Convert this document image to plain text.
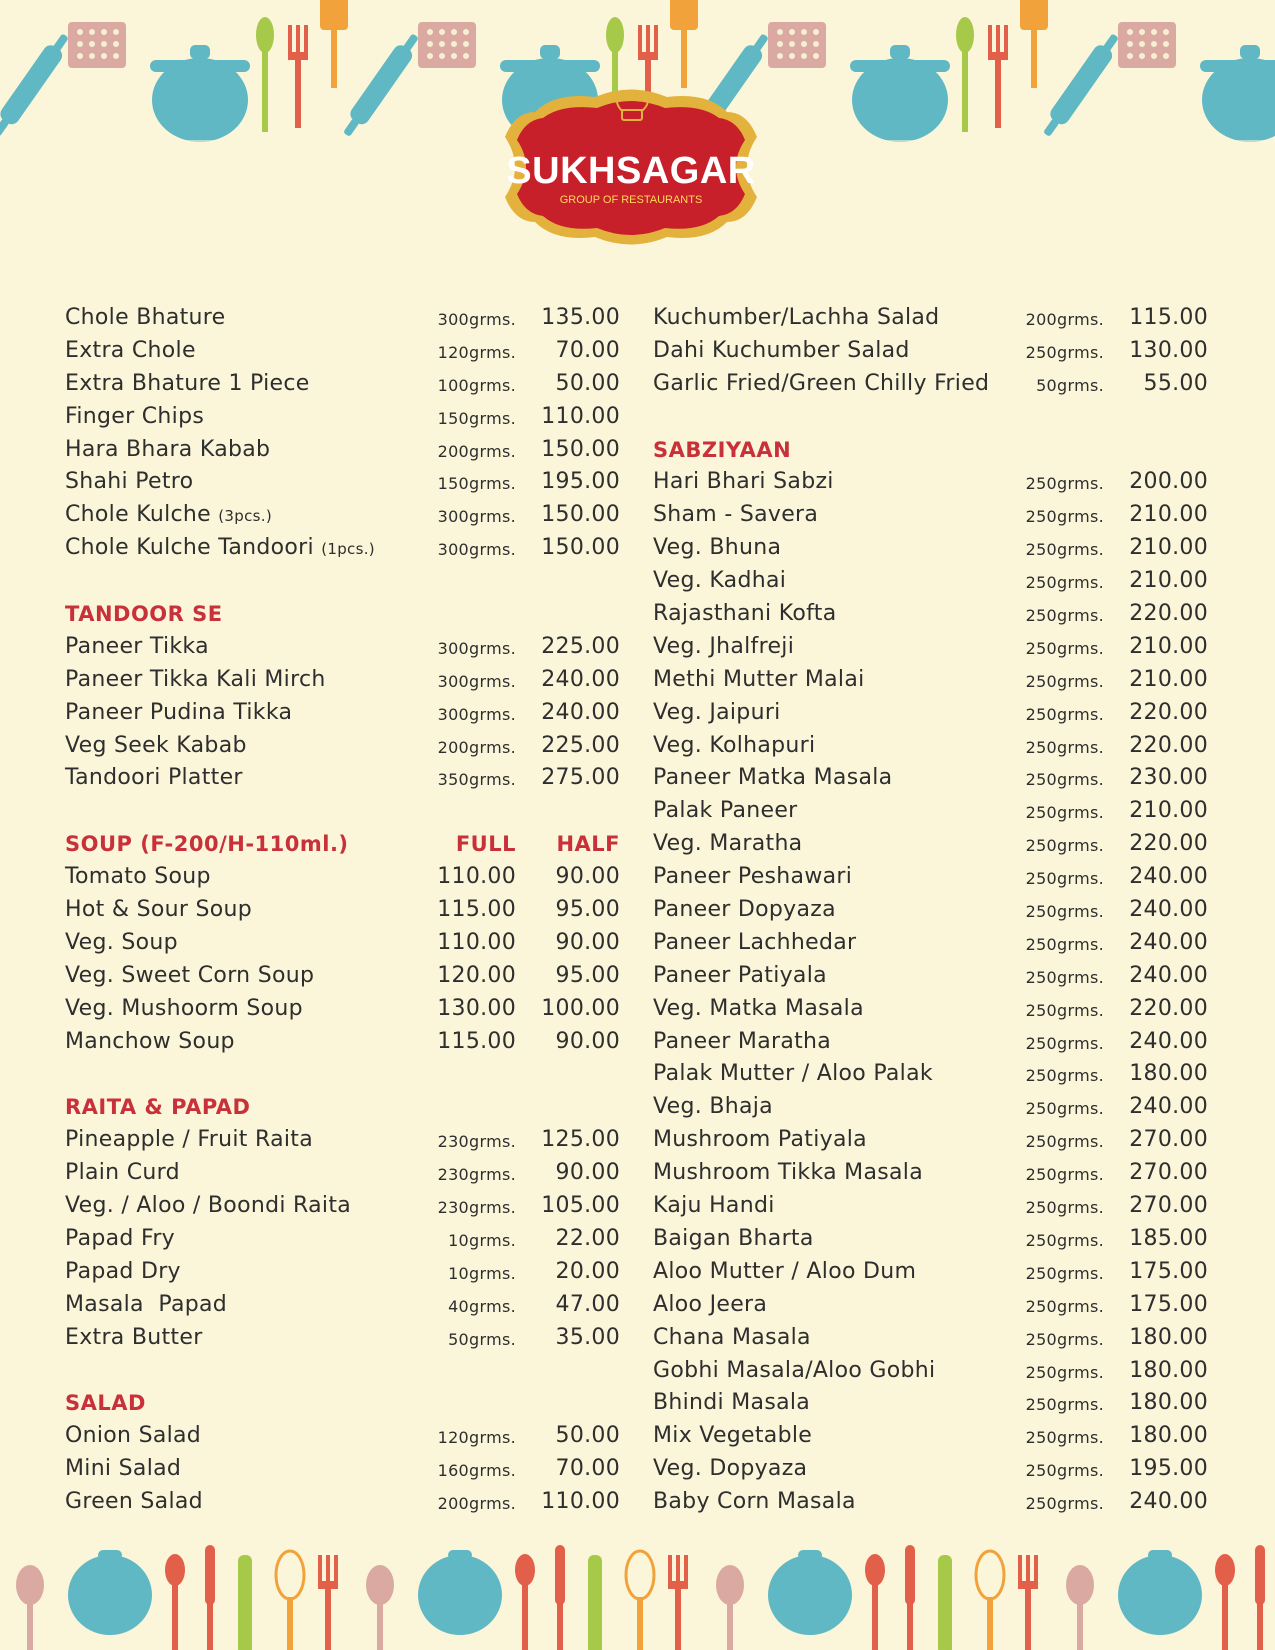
SUKHSAGAR
GROUP OF RESTAURANTS
Chole Bhature	300grms. 135.00
Extra Chole	120grms. 70.00
Extra Bhature 1 Piece	100grms. 50.00
Finger Chips	150grms. 110.00
Hara Bhara Kabab	200grms. 150.00
Shahi Petro	150grms. 195.00
Chole Kulche (3pcs.)	300grms. 150.00
Chole Kulche Tandoori (1pcs.)	300grms. 150.00
TANDOOR SE
Paneer Tikka	300grms. 225.00
Paneer Tikka Kali Mirch	300grms. 240.00
Paneer Pudina Tikka	300grms. 240.00
Veg Seek Kabab	200grms. 225.00
Tandoori Platter	350grms. 275.00
SOUP (F-200/H-110ml.)	FULL HALF
Tomato Soup	110.00 90.00
Hot & Sour Soup	115.00 95.00
Veg. Soup	110.00 90.00
Veg. Sweet Corn Soup	120.00 95.00
Veg. Mushoorm Soup	130.00 100.00
Manchow Soup	115.00 90.00
RAITA & PAPAD
Pineapple / Fruit Raita	230grms. 125.00
Plain Curd	230grms. 90.00
Veg. / Aloo / Boondi Raita	230grms. 105.00
Papad Fry	10grms. 22.00
Papad Dry	10grms. 20.00
Masala  Papad	40grms. 47.00
Extra Butter	50grms. 35.00
SALAD
Onion Salad	120grms. 50.00
Mini Salad	160grms. 70.00
Green Salad	200grms. 110.00
Kuchumber/Lachha Salad	200grms. 115.00
Dahi Kuchumber Salad	250grms. 130.00
Garlic Fried/Green Chilly Fried	50grms. 55.00
SABZIYAAN
Hari Bhari Sabzi	250grms. 200.00
Sham - Savera	250grms. 210.00
Veg. Bhuna	250grms. 210.00
Veg. Kadhai	250grms. 210.00
Rajasthani Kofta	250grms. 220.00
Veg. Jhalfreji	250grms. 210.00
Methi Mutter Malai	250grms. 210.00
Veg. Jaipuri	250grms. 220.00
Veg. Kolhapuri	250grms. 220.00
Paneer Matka Masala	250grms. 230.00
Palak Paneer	250grms. 210.00
Veg. Maratha	250grms. 220.00
Paneer Peshawari	250grms. 240.00
Paneer Dopyaza	250grms. 240.00
Paneer Lachhedar	250grms. 240.00
Paneer Patiyala	250grms. 240.00
Veg. Matka Masala	250grms. 220.00
Paneer Maratha	250grms. 240.00
Palak Mutter / Aloo Palak	250grms. 180.00
Veg. Bhaja	250grms. 240.00
Mushroom Patiyala	250grms. 270.00
Mushroom Tikka Masala	250grms. 270.00
Kaju Handi	250grms. 270.00
Baigan Bharta	250grms. 185.00
Aloo Mutter / Aloo Dum	250grms. 175.00
Aloo Jeera	250grms. 175.00
Chana Masala	250grms. 180.00
Gobhi Masala/Aloo Gobhi	250grms. 180.00
Bhindi Masala	250grms. 180.00
Mix Vegetable	250grms. 180.00
Veg. Dopyaza	250grms. 195.00
Baby Corn Masala	250grms. 240.00
